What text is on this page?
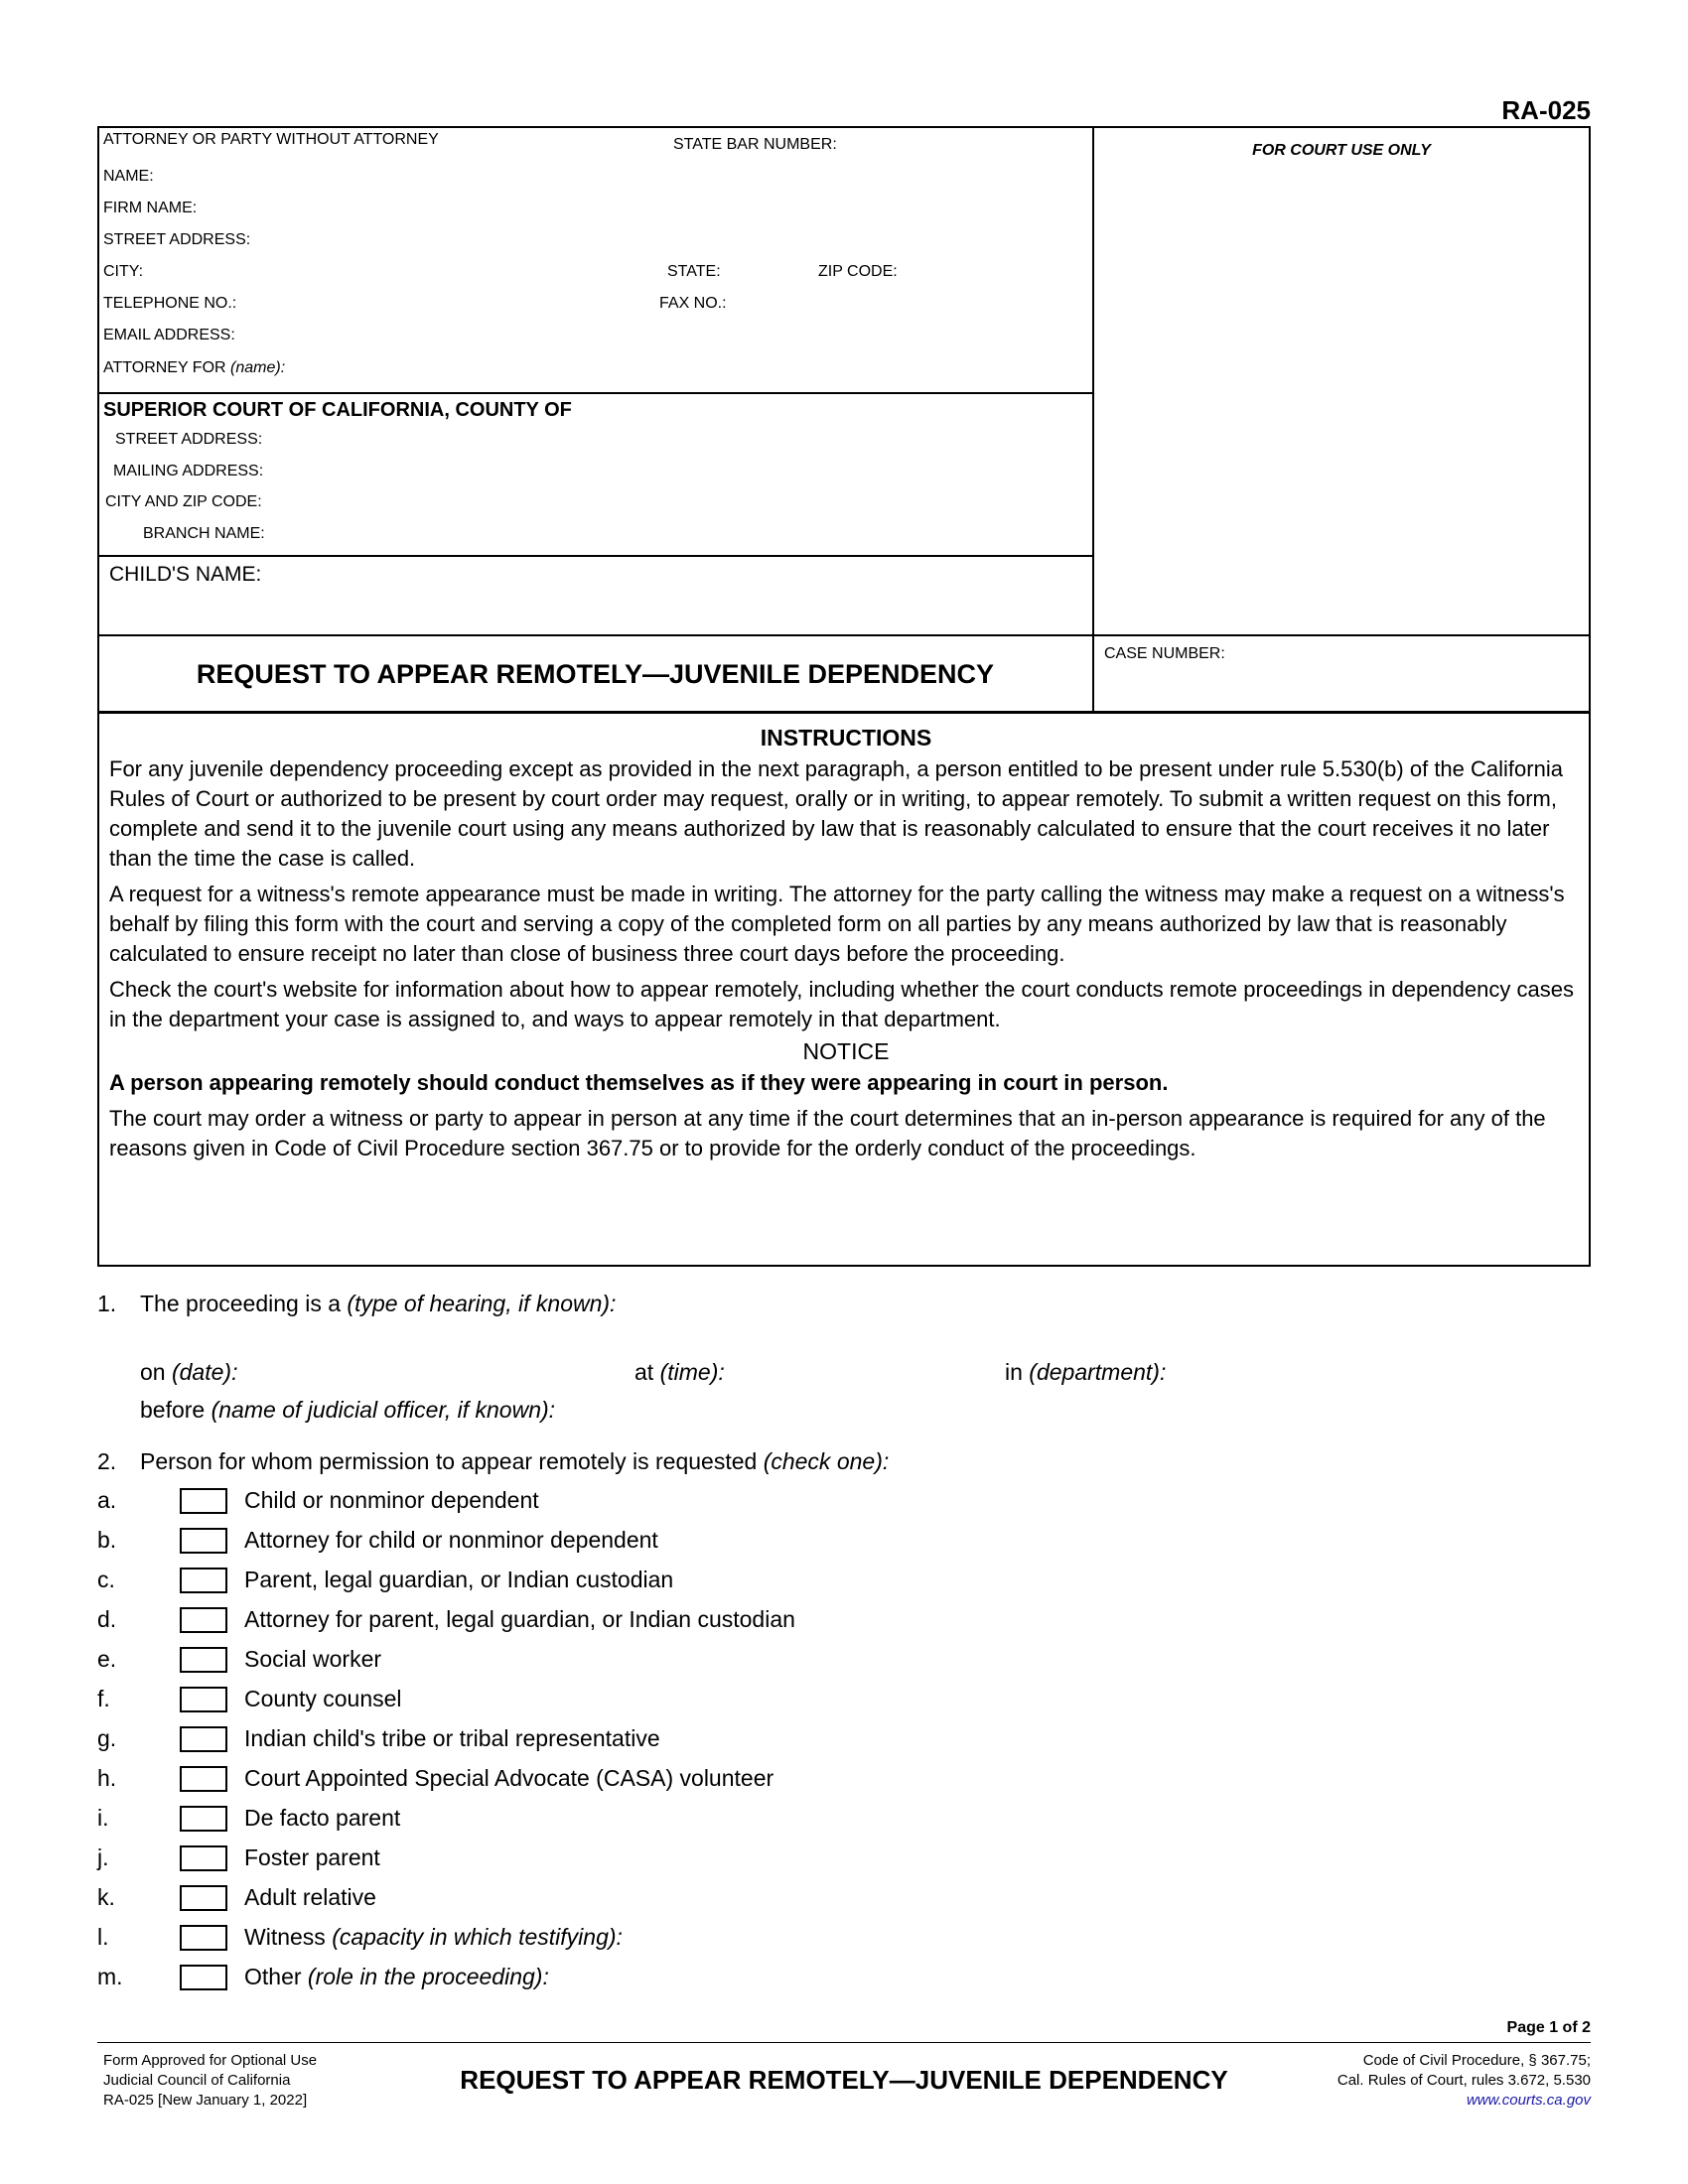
RA-025
ATTORNEY OR PARTY WITHOUT ATTORNEY	STATE BAR NUMBER:
NAME:
FIRM NAME:
STREET ADDRESS:
CITY:	STATE:	ZIP CODE:
TELEPHONE NO.:	FAX NO.:
EMAIL ADDRESS:
ATTORNEY FOR (name):
FOR COURT USE ONLY
SUPERIOR COURT OF CALIFORNIA, COUNTY OF
STREET ADDRESS:
MAILING ADDRESS:
CITY AND ZIP CODE:
BRANCH NAME:
CHILD'S NAME:
REQUEST TO APPEAR REMOTELY—JUVENILE DEPENDENCY
CASE NUMBER:

INSTRUCTIONS

For any juvenile dependency proceeding except as provided in the next paragraph, a person entitled to be present under rule 5.530(b) of the California Rules of Court or authorized to be present by court order may request, orally or in writing, to appear remotely. To submit a written request on this form, complete and send it to the juvenile court using any means authorized by law that is reasonably calculated to ensure that the court receives it no later than the time the case is called.

A request for a witness's remote appearance must be made in writing. The attorney for the party calling the witness may make a request on a witness's behalf by filing this form with the court and serving a copy of the completed form on all parties by any means authorized by law that is reasonably calculated to ensure receipt no later than close of business three court days before the proceeding.

Check the court's website for information about how to appear remotely, including whether the court conducts remote proceedings in dependency cases in the department your case is assigned to, and ways to appear remotely in that department.

NOTICE

A person appearing remotely should conduct themselves as if they were appearing in court in person.

The court may order a witness or party to appear in person at any time if the court determines that an in-person appearance is required for any of the reasons given in Code of Civil Procedure section 367.75 or to provide for the orderly conduct of the proceedings.

1. The proceeding is a (type of hearing, if known):
on (date):	at (time):	in (department):
before (name of judicial officer, if known):
2. Person for whom permission to appear remotely is requested (check one):
a.	Child or nonminor dependent
b.	Attorney for child or nonminor dependent
c.	Parent, legal guardian, or Indian custodian
d.	Attorney for parent, legal guardian, or Indian custodian
e.	Social worker
f.	County counsel
g.	Indian child's tribe or tribal representative
h.	Court Appointed Special Advocate (CASA) volunteer
i.	De facto parent
j.	Foster parent
k.	Adult relative
l.	Witness (capacity in which testifying):
m.	Other (role in the proceeding):
Page 1 of 2
Form Approved for Optional Use
Judicial Council of California
RA-025 [New January 1, 2022]
REQUEST TO APPEAR REMOTELY—JUVENILE DEPENDENCY
Code of Civil Procedure, § 367.75;
Cal. Rules of Court, rules 3.672, 5.530
www.courts.ca.gov
